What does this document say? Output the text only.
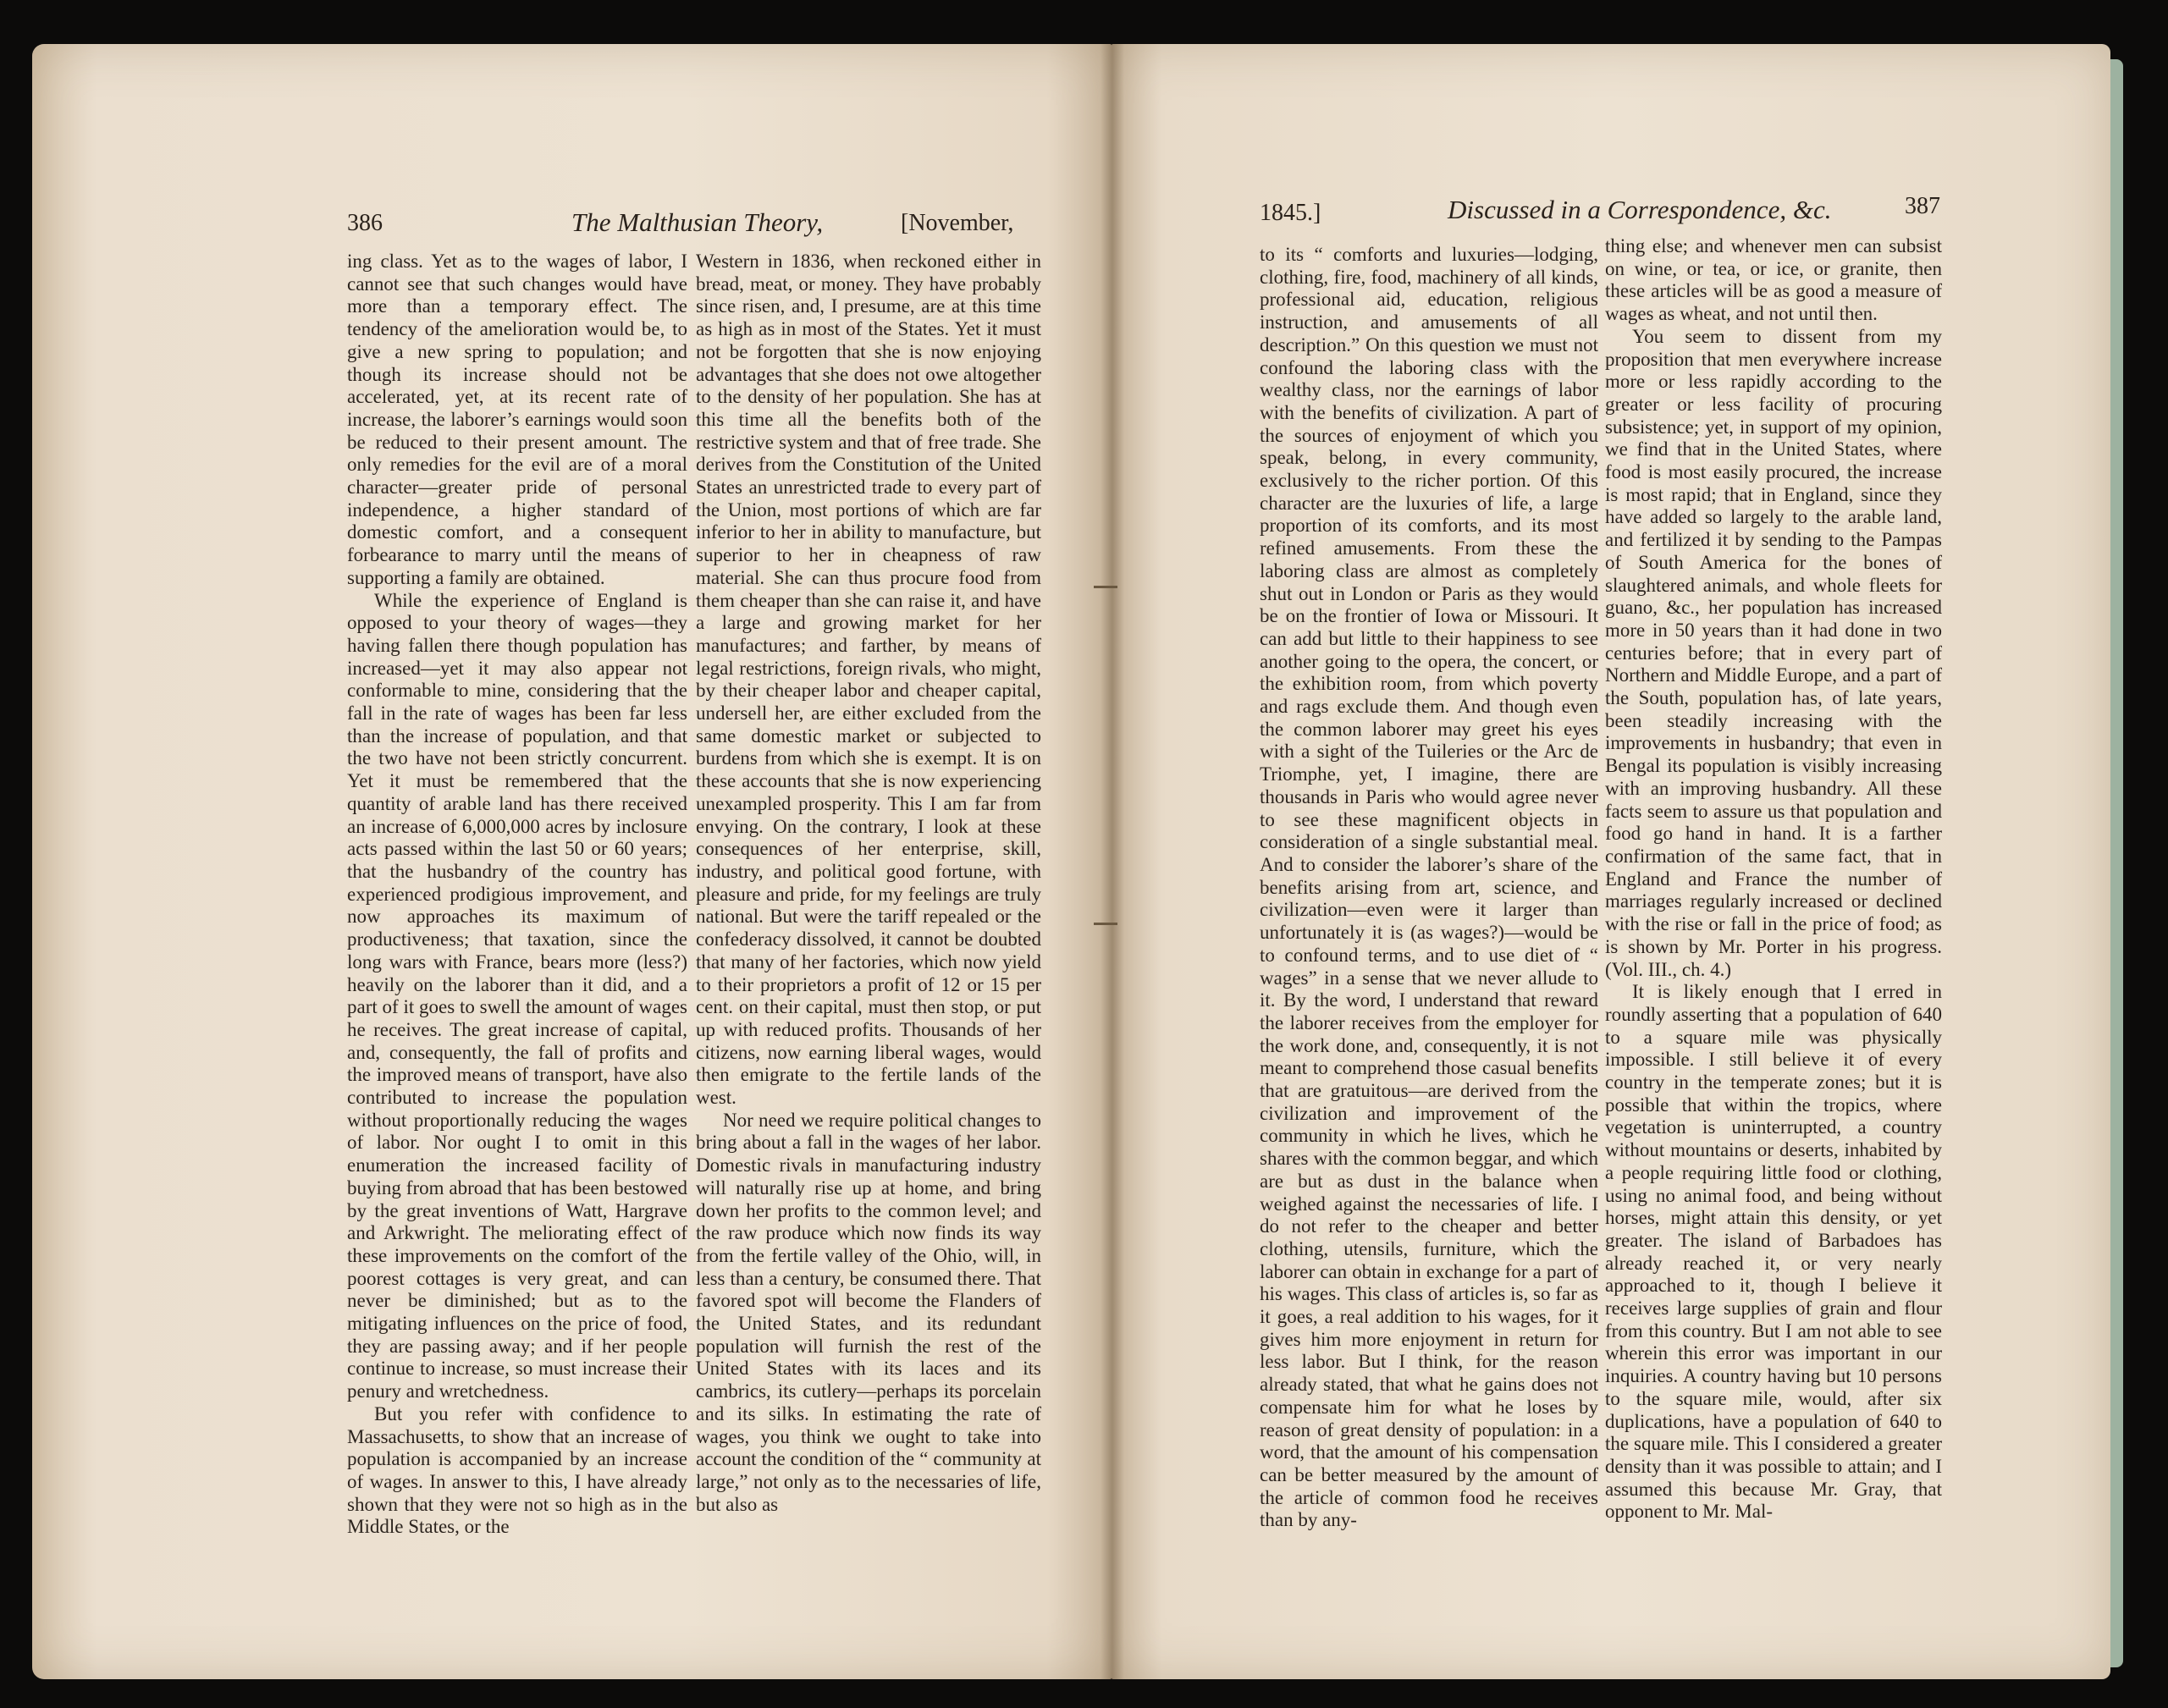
386	The Malthusian Theory,	[November,

ing class. Yet as to the wages of labor, I cannot see that such changes would have more than a temporary effect. The tendency of the amelioration would be, to give a new spring to population; and though its increase should not be accelerated, yet, at its recent rate of increase, the laborer’s earnings would soon be reduced to their present amount. The only remedies for the evil are of a moral character—greater pride of personal independence, a higher standard of domestic comfort, and a consequent forbearance to marry until the means of supporting a family are obtained.

While the experience of England is opposed to your theory of wages—they having fallen there though population has increased—yet it may also appear not conformable to mine, considering that the fall in the rate of wages has been far less than the increase of population, and that the two have not been strictly concurrent. Yet it must be remembered that the quantity of arable land has there received an increase of 6,000,000 acres by inclosure acts passed within the last 50 or 60 years; that the husbandry of the country has experienced prodigious improvement, and now approaches its maximum of productiveness; that taxation, since the long wars with France, bears more (less?) heavily on the laborer than it did, and a part of it goes to swell the amount of wages he receives. The great increase of capital, and, consequently, the fall of profits and the improved means of transport, have also contributed to increase the population without proportionally reducing the wages of labor. Nor ought I to omit in this enumeration the increased facility of buying from abroad that has been bestowed by the great inventions of Watt, Hargrave and Arkwright. The meliorating effect of these improvements on the comfort of the poorest cottages is very great, and can never be diminished; but as to the mitigating influences on the price of food, they are passing away; and if her people continue to increase, so must increase their penury and wretchedness.

But you refer with confidence to Massachusetts, to show that an increase of population is accompanied by an increase of wages. In answer to this, I have already shown that they were not so high as in the Middle States, or the

Western in 1836, when reckoned either in bread, meat, or money. They have probably since risen, and, I presume, are at this time as high as in most of the States. Yet it must not be forgotten that she is now enjoying advantages that she does not owe altogether to the density of her population. She has at this time all the benefits both of the restrictive system and that of free trade. She derives from the Constitution of the United States an unrestricted trade to every part of the Union, most portions of which are far inferior to her in ability to manufacture, but superior to her in cheapness of raw material. She can thus procure food from them cheaper than she can raise it, and have a large and growing market for her manufactures; and farther, by means of legal restrictions, foreign rivals, who might, by their cheaper labor and cheaper capital, undersell her, are either excluded from the same domestic market or subjected to burdens from which she is exempt. It is on these accounts that she is now experiencing unexampled prosperity. This I am far from envying. On the contrary, I look at these consequences of her enterprise, skill, industry, and political good fortune, with pleasure and pride, for my feelings are truly national. But were the tariff repealed or the confederacy dissolved, it cannot be doubted that many of her factories, which now yield to their proprietors a profit of 12 or 15 per cent. on their capital, must then stop, or put up with reduced profits. Thousands of her citizens, now earning liberal wages, would then emigrate to the fertile lands of the west.

Nor need we require political changes to bring about a fall in the wages of her labor. Domestic rivals in manufacturing industry will naturally rise up at home, and bring down her profits to the common level; and the raw produce which now finds its way from the fertile valley of the Ohio, will, in less than a century, be consumed there. That favored spot will become the Flanders of the United States, and its redundant population will furnish the rest of the United States with its laces and its cambrics, its cutlery—perhaps its porcelain and its silks. In estimating the rate of wages, you think we ought to take into account the condition of the “ community at large,” not only as to the necessaries of life, but also as

1845.]	Discussed in a Correspondence, &c.	387

to its “ comforts and luxuries—lodging, clothing, fire, food, machinery of all kinds, professional aid, education, religious instruction, and amusements of all description.” On this question we must not confound the laboring class with the wealthy class, nor the earnings of labor with the benefits of civilization. A part of the sources of enjoyment of which you speak, belong, in every community, exclusively to the richer portion. Of this character are the luxuries of life, a large proportion of its comforts, and its most refined amusements. From these the laboring class are almost as completely shut out in London or Paris as they would be on the frontier of Iowa or Missouri. It can add but little to their happiness to see another going to the opera, the concert, or the exhibition room, from which poverty and rags exclude them. And though even the common laborer may greet his eyes with a sight of the Tuileries or the Arc de Triomphe, yet, I imagine, there are thousands in Paris who would agree never to see these magnificent objects in consideration of a single substantial meal. And to consider the laborer’s share of the benefits arising from art, science, and civilization—even were it larger than unfortunately it is (as wages?)—would be to confound terms, and to use diet of “ wages” in a sense that we never allude to it. By the word, I understand that reward the laborer receives from the employer for the work done, and, consequently, it is not meant to comprehend those casual benefits that are gratuitous—are derived from the civilization and improvement of the community in which he lives, which he shares with the common beggar, and which are but as dust in the balance when weighed against the necessaries of life. I do not refer to the cheaper and better clothing, utensils, furniture, which the laborer can obtain in exchange for a part of his wages. This class of articles is, so far as it goes, a real addition to his wages, for it gives him more enjoyment in return for less labor. But I think, for the reason already stated, that what he gains does not compensate him for what he loses by reason of great density of population: in a word, that the amount of his compensation can be better measured by the amount of the article of common food he receives than by any-

thing else; and whenever men can subsist on wine, or tea, or ice, or granite, then these articles will be as good a measure of wages as wheat, and not until then.

You seem to dissent from my proposition that men everywhere increase more or less rapidly according to the greater or less facility of procuring subsistence; yet, in support of my opinion, we find that in the United States, where food is most easily procured, the increase is most rapid; that in England, since they have added so largely to the arable land, and fertilized it by sending to the Pampas of South America for the bones of slaughtered animals, and whole fleets for guano, &c., her population has increased more in 50 years than it had done in two centuries before; that in every part of Northern and Middle Europe, and a part of the South, population has, of late years, been steadily increasing with the improvements in husbandry; that even in Bengal its population is visibly increasing with an improving husbandry. All these facts seem to assure us that population and food go hand in hand. It is a farther confirmation of the same fact, that in England and France the number of marriages regularly increased or declined with the rise or fall in the price of food; as is shown by Mr. Porter in his progress. (Vol. III., ch. 4.)

It is likely enough that I erred in roundly asserting that a population of 640 to a square mile was physically impossible. I still believe it of every country in the temperate zones; but it is possible that within the tropics, where vegetation is uninterrupted, a country without mountains or deserts, inhabited by a people requiring little food or clothing, using no animal food, and being without horses, might attain this density, or yet greater. The island of Barbadoes has already reached it, or very nearly approached to it, though I believe it receives large supplies of grain and flour from this country. But I am not able to see wherein this error was important in our inquiries. A country having but 10 persons to the square mile, would, after six duplications, have a population of 640 to the square mile. This I considered a greater density than it was possible to attain; and I assumed this because Mr. Gray, that opponent to Mr. Mal-
